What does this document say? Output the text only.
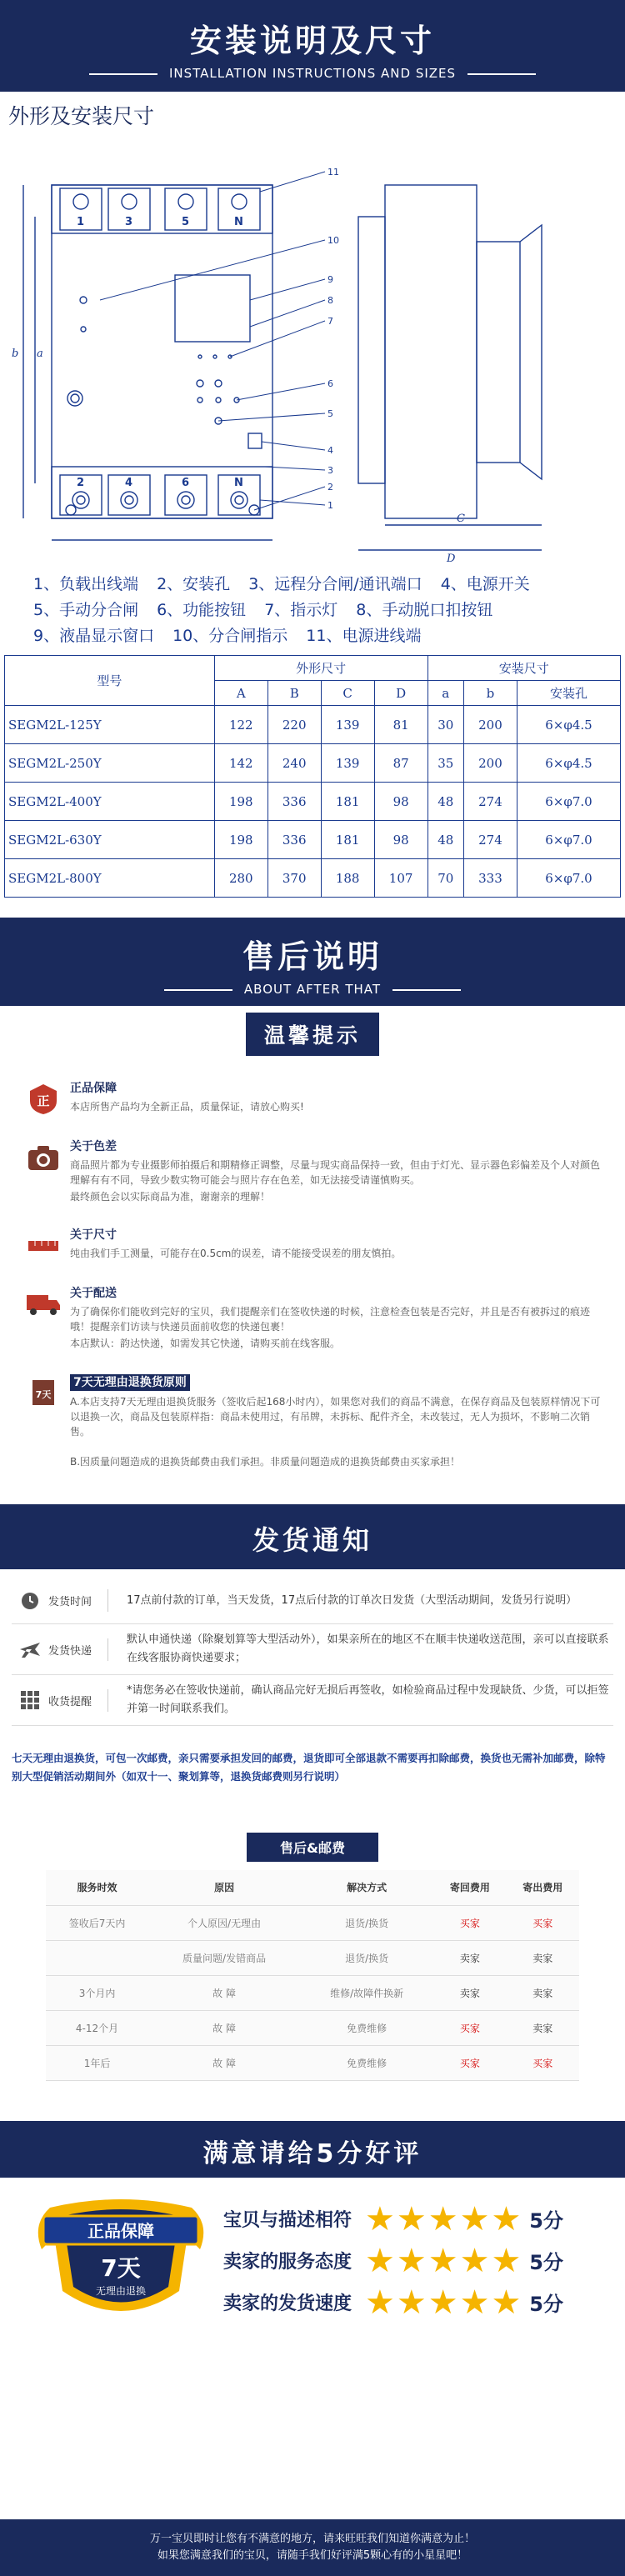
安装说明及尺寸
INSTALLATION INSTRUCTIONS AND SIZES
外形及安装尺寸
1	3	5	N
2	4	6	N
11
10
9
8
7
6
5
4
3
2
1
a
b
C
D
1、负载出线端 2、安装孔 3、远程分合闸/通讯端口 4、电源开关5、手动分合闸 6、功能按钮 7、指示灯 8、手动脱口扣按钮9、液晶显示窗口 10、分合闸指示 11、电源进线端
型号	外形尺寸				安装尺寸		
	A	B	C	D	a	b	安装孔
SEGM2L-125Y	122	220	139	81	30	200	6×φ4.5
SEGM2L-250Y	142	240	139	87	35	200	6×φ4.5
SEGM2L-400Y	198	336	181	98	48	274	6×φ7.0
SEGM2L-630Y	198	336	181	98	48	274	6×φ7.0
SEGM2L-800Y	280	370	188	107	70	333	6×φ7.0
售后说明
ABOUT AFTER THAT
温馨提示
正
正品保障

本店所售产品均为全新正品，质量保证，请放心购买!

关于色差

商品照片都为专业摄影师拍摄后和期精修正调整，尽量与现实商品保持一致，但由于灯光、显示器色彩偏差及个人对颜色理解有有不同，导致少数实物可能会与照片存在色差，如无法接受请谨慎购买。

最终颜色会以实际商品为准，谢谢亲的理解！

关于尺寸

纯由我们手工测量，可能存在0.5cm的误差，请不能接受误差的朋友慎拍。

关于配送

为了确保你们能收到完好的宝贝，我们提醒亲们在签收快递的时候，注意检查包装是否完好，并且是否有被拆过的痕迹哦！提醒亲们访读与快递员面前收您的快递包裹！

本店默认：韵达快递，如需发其它快递，请购买前在线客服。

7天
7天无理由退换货原则

A.本店支持7天无理由退换货服务（签收后起168小时内），如果您对我们的商品不满意，在保存商品及包装原样情况下可以退换一次，商品及包装原样指：商品未使用过，有吊牌，未拆标、配件齐全，未改装过，无人为损坏，不影响二次销售。

B.因质量问题造成的退换货邮费由我们承担。非质量问题造成的退换货邮费由买家承担！

发货通知
发货时间	17点前付款的订单，当天发货，17点后付款的订单次日发货（大型活动期间，发货另行说明）
发货快递
默认申通快递（除聚划算等大型活动外），如果亲所在的地区不在顺丰快递收送范围，亲可以直接联系在线客服协商快递要求；
收货提醒
*请您务必在签收快递前，确认商品完好无损后再签收，如检验商品过程中发现缺货、少货，可以拒签并第一时间联系我们。
七天无理由退换货，可包一次邮费，亲只需要承担发回的邮费，退货即可全部退款不需要再扣除邮费，换货也无需补加邮费，除特别大型促销活动期间外（如双十一、聚划算等，退换货邮费则另行说明）
售后&邮费
服务时效	原因	解决方式	寄回费用	寄出费用
签收后7天内	个人原因/无理由	退货/换货	买家	买家
	质量问题/发错商品	退货/换货	卖家	卖家
3个月内	故 障	维修/故障件换新	卖家	卖家
4-12个月	故 障	免费维修	买家	卖家
1年后	故 障	免费维修	买家	买家
满意请给5分好评
正品保障
7天
无理由退换
宝贝与描述相符 ★ ★ ★ ★ ★ 5分
卖家的服务态度 ★ ★ ★ ★ ★ 5分
卖家的发货速度 ★ ★ ★ ★ ★ 5分
万一宝贝即时让您有不满意的地方，请来旺旺我们知道你满意为止！
如果您满意我们的宝贝，请随手我们好评满5颗心有的小星星吧！
